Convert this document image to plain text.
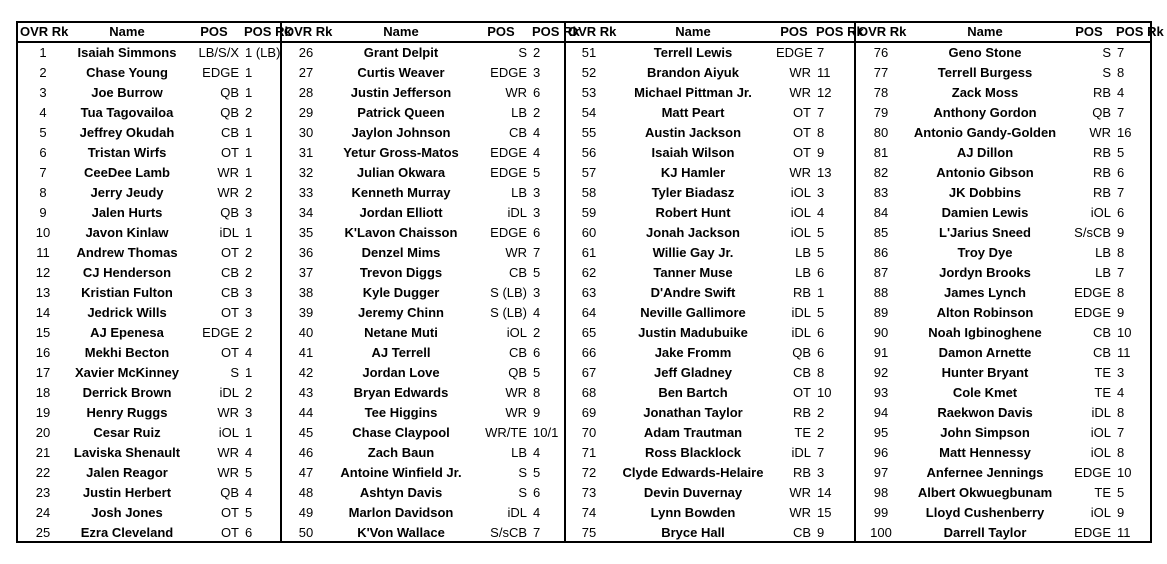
OVR Rk	Name	POS	POS Rk
1	Isaiah Simmons	LB/S/X	1 (LB)
2	Chase Young	EDGE	1
3	Joe Burrow	QB	1
4	Tua Tagovailoa	QB	2
5	Jeffrey Okudah	CB	1
6	Tristan Wirfs	OT	1
7	CeeDee Lamb	WR	1
8	Jerry Jeudy	WR	2
9	Jalen Hurts	QB	3
10	Javon Kinlaw	iDL	1
11	Andrew Thomas	OT	2
12	CJ Henderson	CB	2
13	Kristian Fulton	CB	3
14	Jedrick Wills	OT	3
15	AJ Epenesa	EDGE	2
16	Mekhi Becton	OT	4
17	Xavier McKinney	S	1
18	Derrick Brown	iDL	2
19	Henry Ruggs	WR	3
20	Cesar Ruiz	iOL	1
21	Laviska Shenault	WR	4
22	Jalen Reagor	WR	5
23	Justin Herbert	QB	4
24	Josh Jones	OT	5
25	Ezra Cleveland	OT	6
OVR Rk	Name	POS	POS Rk
26	Grant Delpit	S	2
27	Curtis Weaver	EDGE	3
28	Justin Jefferson	WR	6
29	Patrick Queen	LB	2
30	Jaylon Johnson	CB	4
31	Yetur Gross-Matos	EDGE	4
32	Julian Okwara	EDGE	5
33	Kenneth Murray	LB	3
34	Jordan Elliott	iDL	3
35	K'Lavon Chaisson	EDGE	6
36	Denzel Mims	WR	7
37	Trevon Diggs	CB	5
38	Kyle Dugger	S (LB)	3
39	Jeremy Chinn	S (LB)	4
40	Netane Muti	iOL	2
41	AJ Terrell	CB	6
42	Jordan Love	QB	5
43	Bryan Edwards	WR	8
44	Tee Higgins	WR	9
45	Chase Claypool	WR/TE	10/1
46	Zach Baun	LB	4
47	Antoine Winfield Jr.	S	5
48	Ashtyn Davis	S	6
49	Marlon Davidson	iDL	4
50	K'Von Wallace	S/sCB	7
OVR Rk	Name	POS	POS Rk
51	Terrell Lewis	EDGE	7
52	Brandon Aiyuk	WR	11
53	Michael Pittman Jr.	WR	12
54	Matt Peart	OT	7
55	Austin Jackson	OT	8
56	Isaiah Wilson	OT	9
57	KJ Hamler	WR	13
58	Tyler Biadasz	iOL	3
59	Robert Hunt	iOL	4
60	Jonah Jackson	iOL	5
61	Willie Gay Jr.	LB	5
62	Tanner Muse	LB	6
63	D'Andre Swift	RB	1
64	Neville Gallimore	iDL	5
65	Justin Madubuike	iDL	6
66	Jake Fromm	QB	6
67	Jeff Gladney	CB	8
68	Ben Bartch	OT	10
69	Jonathan Taylor	RB	2
70	Adam Trautman	TE	2
71	Ross Blacklock	iDL	7
72	Clyde Edwards-Helaire	RB	3
73	Devin Duvernay	WR	14
74	Lynn Bowden	WR	15
75	Bryce Hall	CB	9
OVR Rk	Name	POS	POS Rk
76	Geno Stone	S	7
77	Terrell Burgess	S	8
78	Zack Moss	RB	4
79	Anthony Gordon	QB	7
80	Antonio Gandy-Golden	WR	16
81	AJ Dillon	RB	5
82	Antonio Gibson	RB	6
83	JK Dobbins	RB	7
84	Damien Lewis	iOL	6
85	L'Jarius Sneed	S/sCB	9
86	Troy Dye	LB	8
87	Jordyn Brooks	LB	7
88	James Lynch	EDGE	8
89	Alton Robinson	EDGE	9
90	Noah Igbinoghene	CB	10
91	Damon Arnette	CB	11
92	Hunter Bryant	TE	3
93	Cole Kmet	TE	4
94	Raekwon Davis	iDL	8
95	John Simpson	iOL	7
96	Matt Hennessy	iOL	8
97	Anfernee Jennings	EDGE	10
98	Albert Okwuegbunam	TE	5
99	Lloyd Cushenberry	iOL	9
100	Darrell Taylor	EDGE	11
